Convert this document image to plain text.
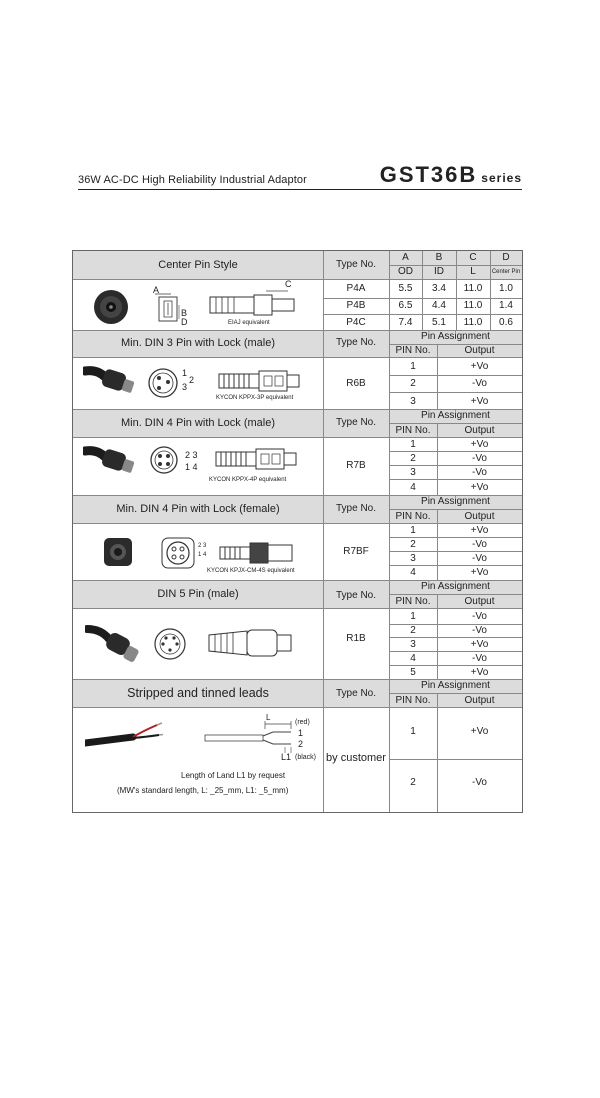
36W AC-DC High Reliability Industrial Adaptor	GST36B series
Center Pin Style	Type No.
A	B	C	D
OD	ID	L	Center Pin
P4A	5.5	3.4	11.0	1.0
P4B	6.5	4.4	11.0	1.4
P4C	7.4	5.1	11.0	0.6
A
B
D
C
EIAJ equivalent
Min. DIN 3 Pin with Lock (male)	Type No.
Pin Assignment
PIN No.	Output
R6B
1	+Vo
2	-Vo
3	+Vo
1
2
3
KYCON KPPX-3P equivalent
Min. DIN 4 Pin with Lock (male)	Type No.
Pin Assignment
PIN No.	Output
R7B
1	+Vo
2	-Vo
3	-Vo
4	+Vo
2 3
1 4
KYCON KPPX-4P equivalent
Min. DIN 4 Pin with Lock (female)	Type No.
Pin Assignment
PIN No.	Output
R7BF
1	+Vo
2	-Vo
3	-Vo
4	+Vo
2 3
1 4
KYCON KPJX-CM-4S equivalent
DIN 5 Pin (male)	Type No.
Pin Assignment
PIN No.	Output
R1B
1	-Vo
2	-Vo
3	+Vo
4	-Vo
5	+Vo
Stripped and tinned leads	Type No.
Pin Assignment
PIN No.	Output
by customer
1	+Vo
2	-Vo
L
(red)
1
2
L1 (black)
Length of Land L1 by request
(MW's standard length, L: _25_mm, L1: _5_mm)
